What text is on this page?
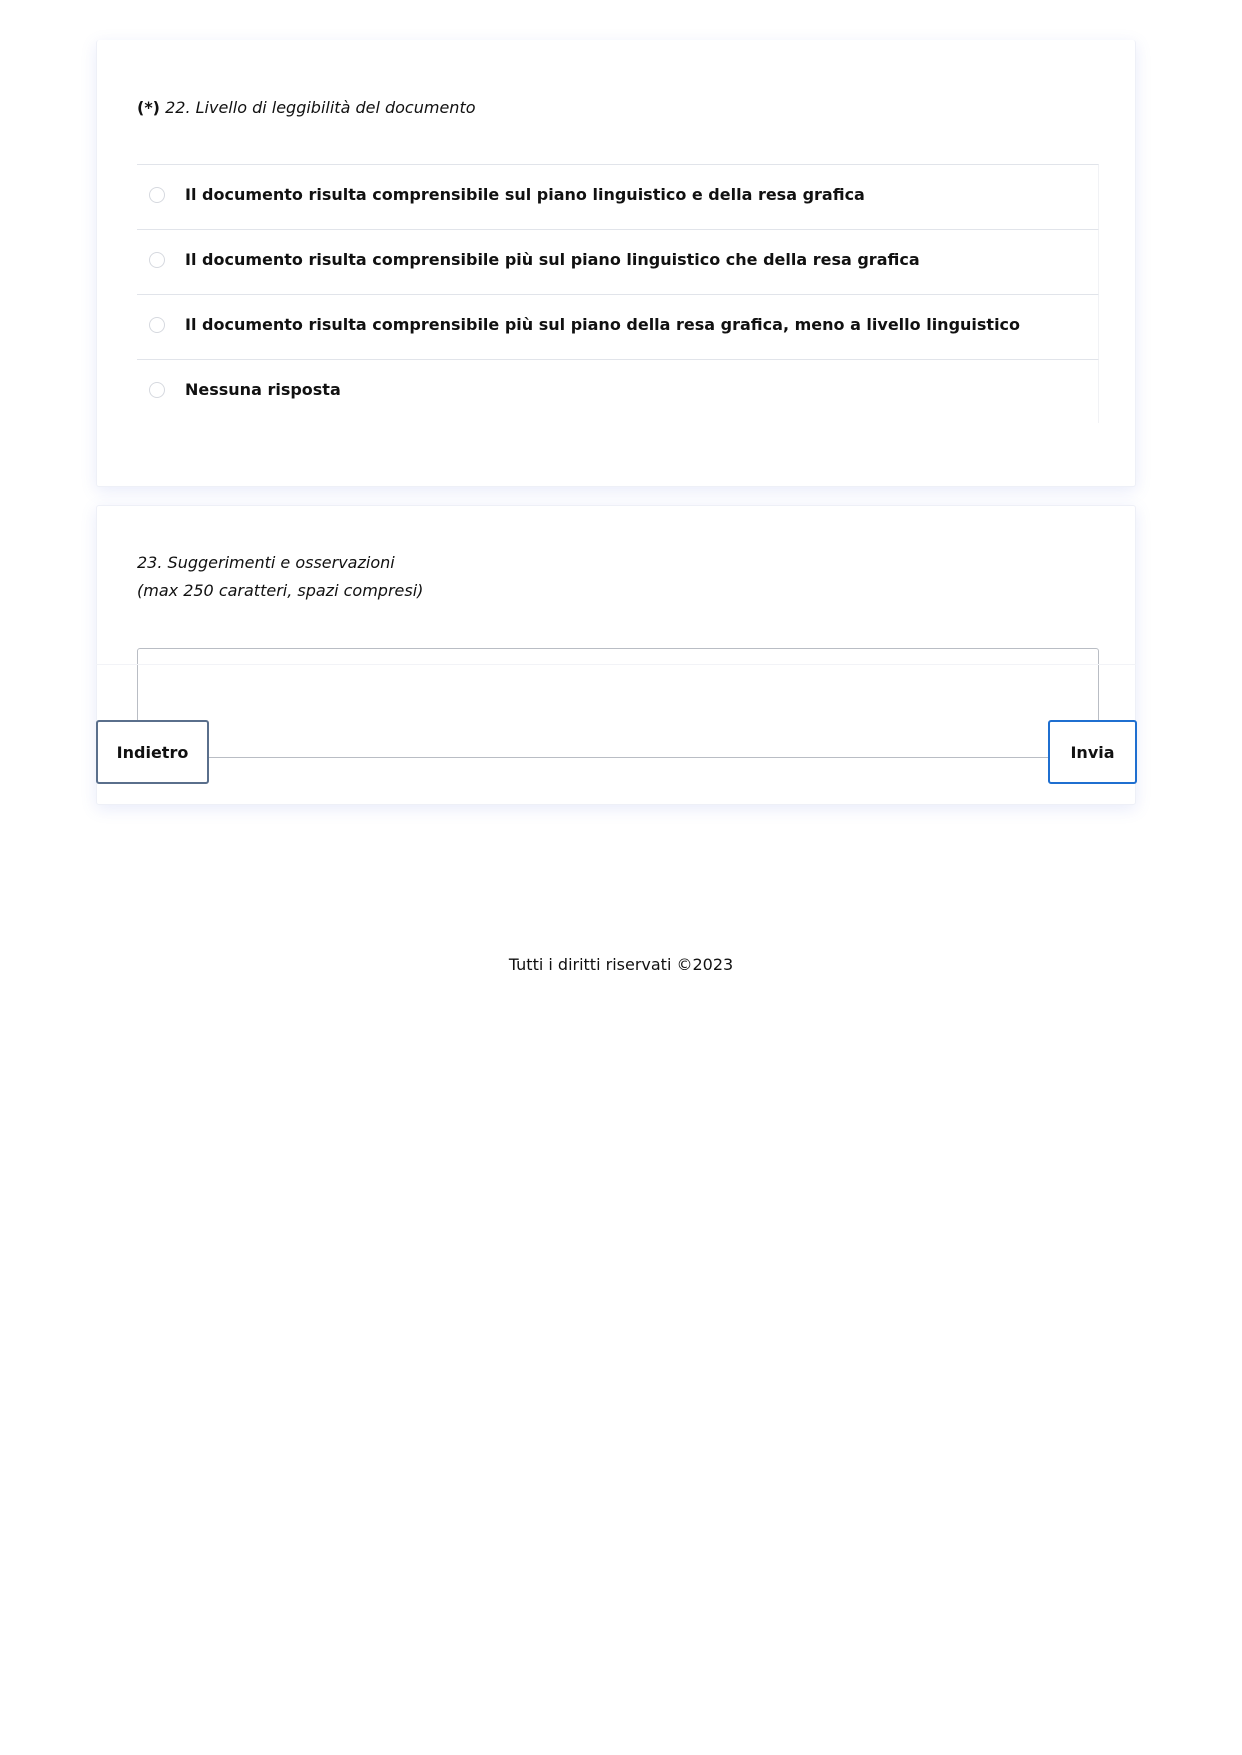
(*) 22. Livello di leggibilità del documento
Il documento risulta comprensibile sul piano linguistico e della resa grafica
Il documento risulta comprensibile più sul piano linguistico che della resa grafica
Il documento risulta comprensibile più sul piano della resa grafica, meno a livello linguistico
Nessuna risposta
23. Suggerimenti e osservazioni
(max 250 caratteri, spazi compresi)
Indietro	Invia
Tutti i diritti riservati ©2023
